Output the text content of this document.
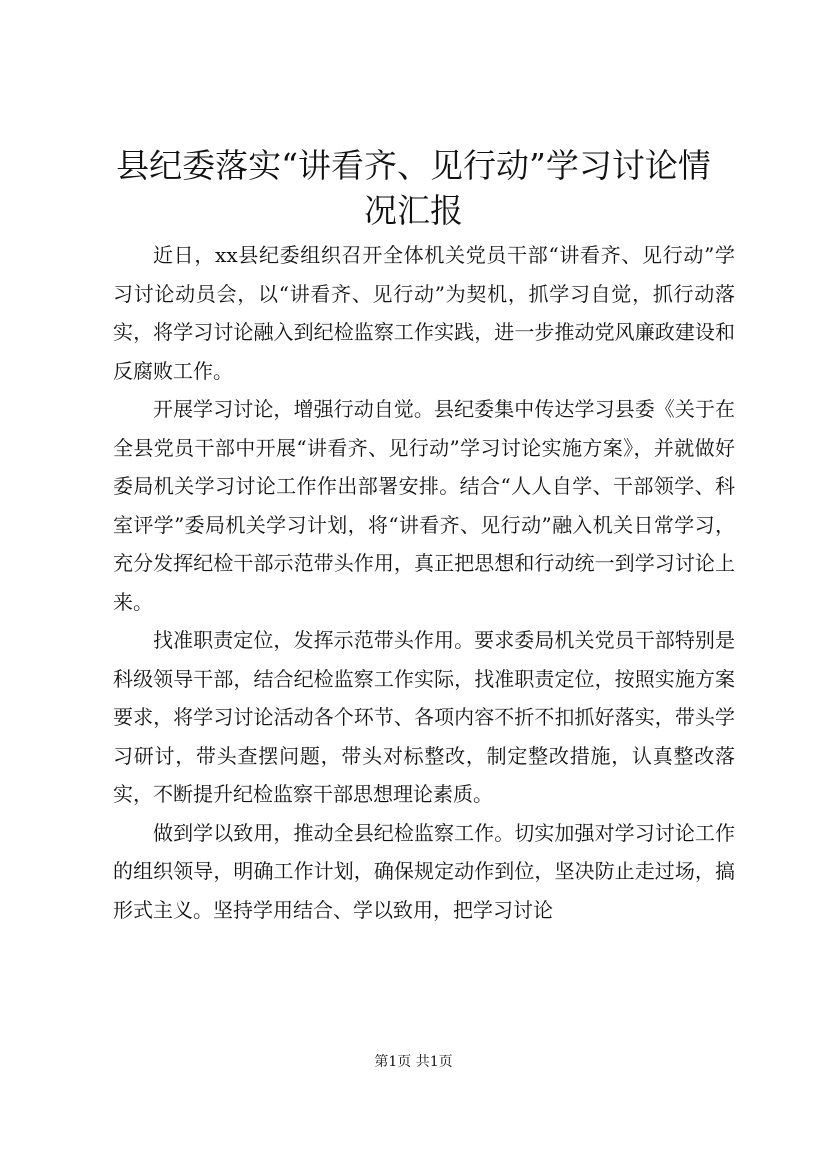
县纪委落实“讲看齐、见行动”学习讨论情况汇报

近日，xx县纪委组织召开全体机关党员干部“讲看齐、见行动”学习讨论动员会，以“讲看齐、见行动”为契机，抓学习自觉，抓行动落实，将学习讨论融入到纪检监察工作实践，进一步推动党风廉政建设和反腐败工作。

开展学习讨论，增强行动自觉。县纪委集中传达学习县委《关于在全县党员干部中开展“讲看齐、见行动”学习讨论实施方案》，并就做好委局机关学习讨论工作作出部署安排。结合“人人自学、干部领学、科室评学”委局机关学习计划，将“讲看齐、见行动”融入机关日常学习，充分发挥纪检干部示范带头作用，真正把思想和行动统一到学习讨论上来。

找准职责定位，发挥示范带头作用。要求委局机关党员干部特别是科级领导干部，结合纪检监察工作实际，找准职责定位，按照实施方案要求，将学习讨论活动各个环节、各项内容不折不扣抓好落实，带头学习研讨，带头查摆问题，带头对标整改，制定整改措施，认真整改落实，不断提升纪检监察干部思想理论素质。

做到学以致用，推动全县纪检监察工作。切实加强对学习讨论工作的组织领导，明确工作计划，确保规定动作到位，坚决防止走过场，搞形式主义。坚持学用结合、学以致用，把学习讨论

第1页 共1页
